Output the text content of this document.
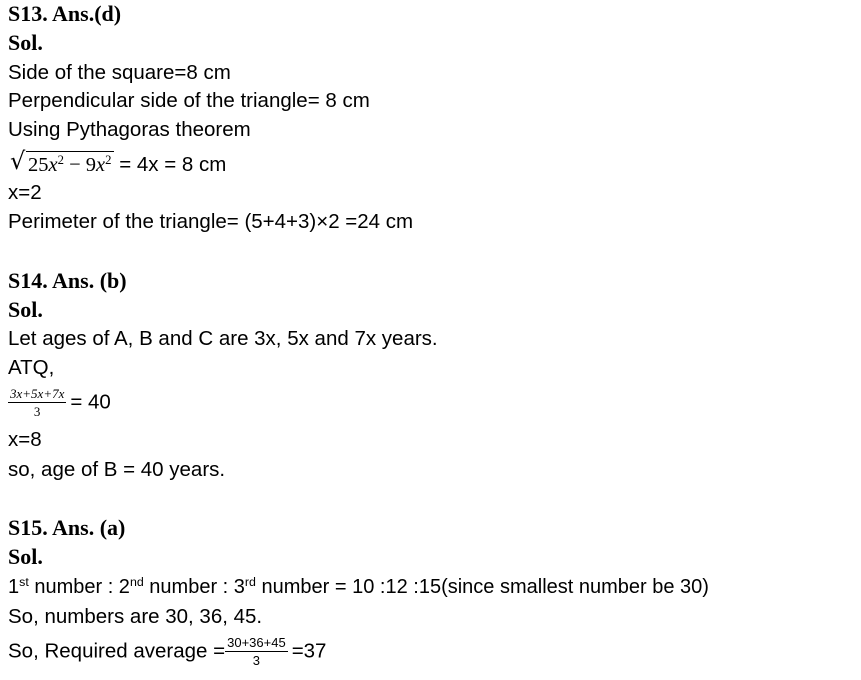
S13. Ans.(d)

Sol.

Side of the square=8 cm

Perpendicular side of the triangle= 8 cm

Using Pythagoras theorem

√ $25x^2 - 9x^2 = 4x = 8$ cm

x=2

Perimeter of the triangle= (5+4+3)×2 =24 cm

S14. Ans. (b)

Sol.

Let ages of A, B and C are 3x, 5x and 7x years.

ATQ,

$\frac{3x+5x+7x}{3} = 40$

x=8

so, age of B = 40 years.

S15. Ans. (a)

Sol.

1st number : 2nd number : 3rd number = 10 :12 :15(since smallest number be 30)

So, numbers are 30, 36, 45.

So, Required average = $\frac{30+36+45}{3} =37$
